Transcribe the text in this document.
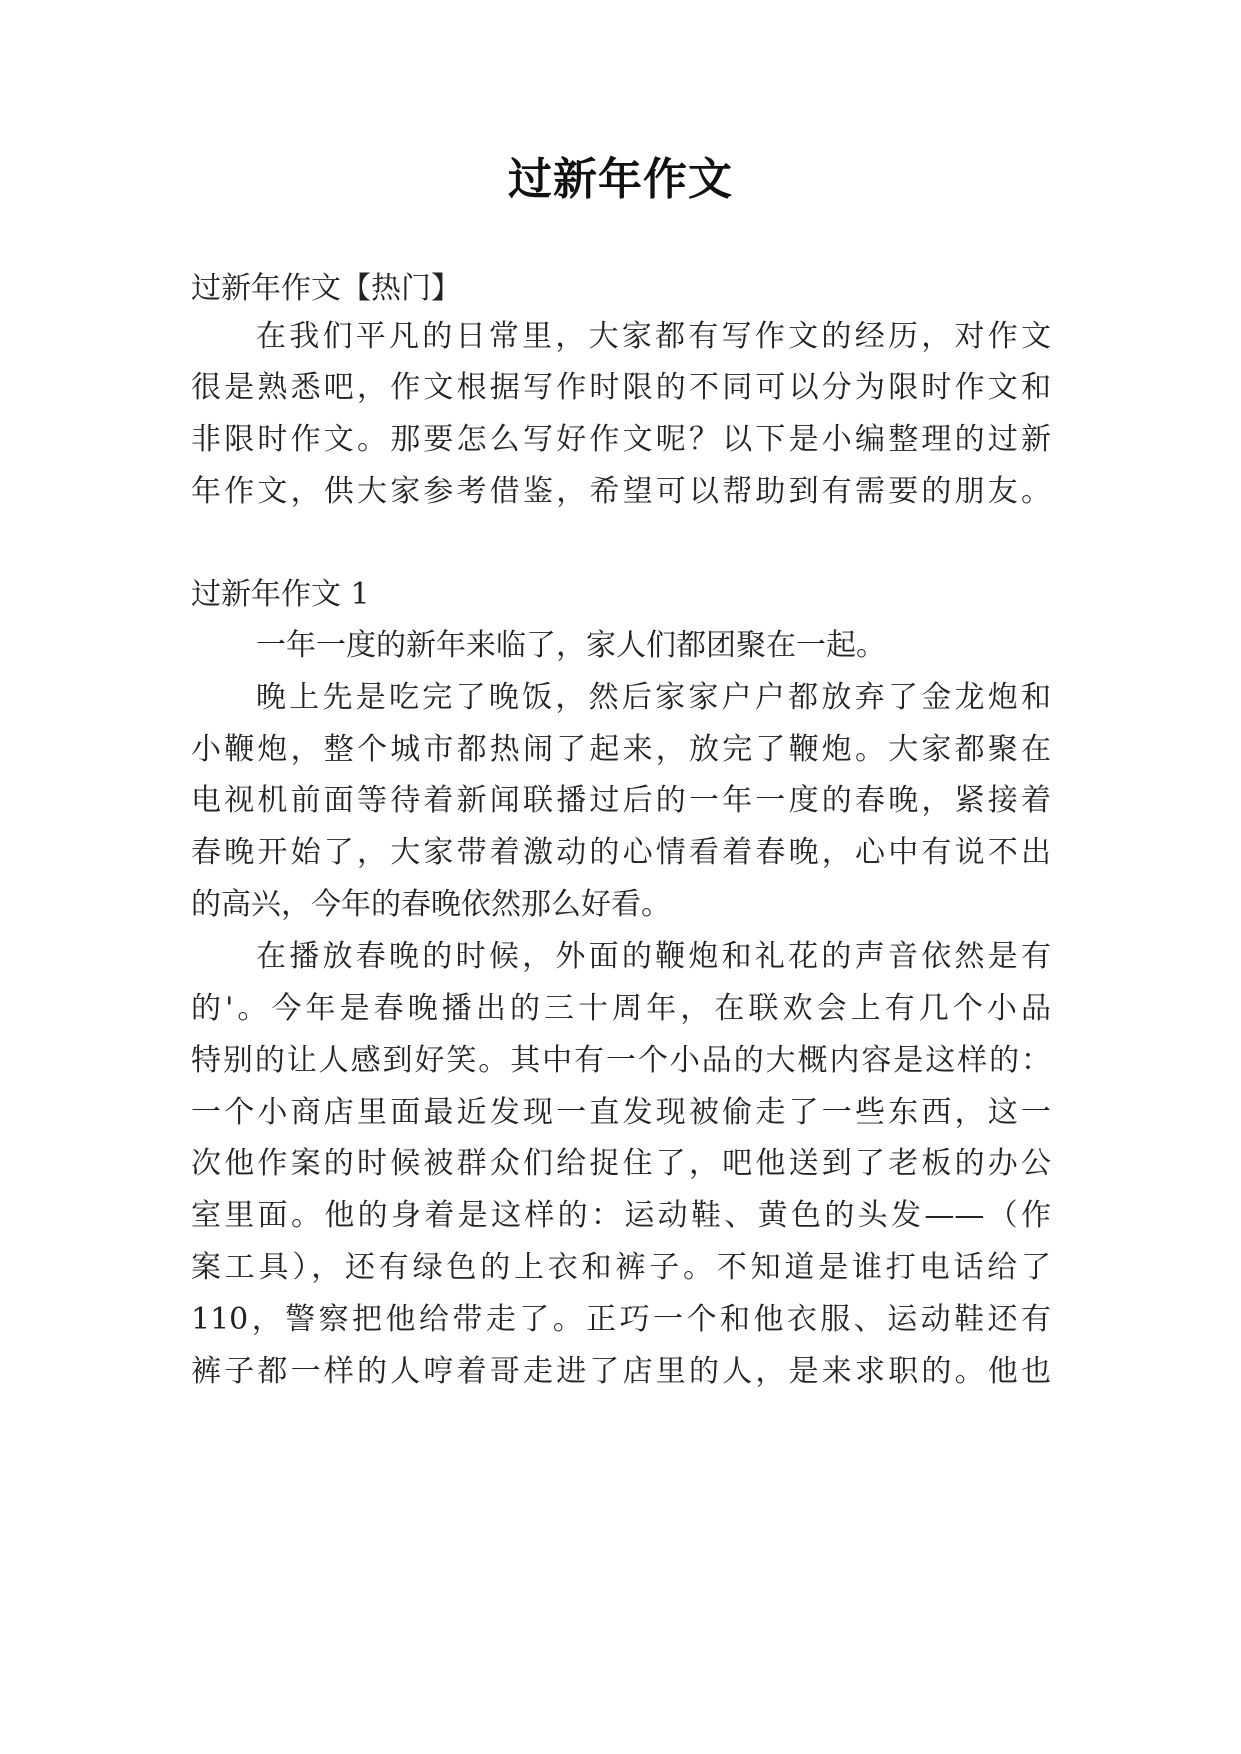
过新年作文
过新年作文【热门】
在我们平凡的日常里，大家都有写作文的经历，对作文
很是熟悉吧，作文根据写作时限的不同可以分为限时作文和
非限时作文。那要怎么写好作文呢？以下是小编整理的过新
年作文，供大家参考借鉴，希望可以帮助到有需要的朋友。
过新年作文 1
一年一度的新年来临了，家人们都团聚在一起。
晚上先是吃完了晚饭，然后家家户户都放弃了金龙炮和
小鞭炮，整个城市都热闹了起来，放完了鞭炮。大家都聚在
电视机前面等待着新闻联播过后的一年一度的春晚，紧接着
春晚开始了，大家带着激动的心情看着春晚，心中有说不出
的高兴，今年的春晚依然那么好看。
在播放春晚的时候，外面的鞭炮和礼花的声音依然是有
的'。今年是春晚播出的三十周年，在联欢会上有几个小品
特别的让人感到好笑。其中有一个小品的大概内容是这样的：
一个小商店里面最近发现一直发现被偷走了一些东西，这一
次他作案的时候被群众们给捉住了，吧他送到了老板的办公
室里面。他的身着是这样的：运动鞋、黄色的头发——（作
案工具），还有绿色的上衣和裤子。不知道是谁打电话给了
110，警察把他给带走了。正巧一个和他衣服、运动鞋还有
裤子都一样的人哼着哥走进了店里的人，是来求职的。他也
